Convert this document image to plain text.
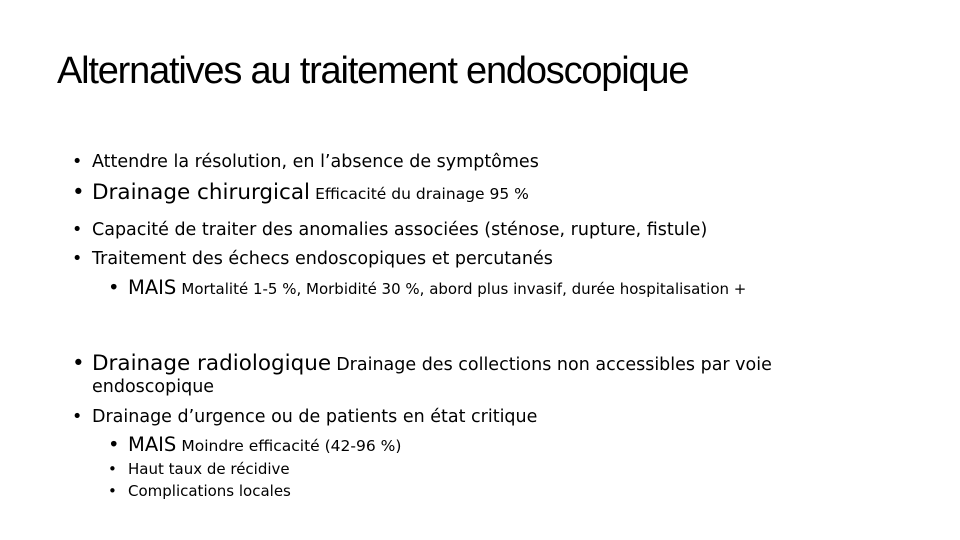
Alternatives au traitement endoscopique
• Attendre la résolution, en l’absence de symptômes
• Drainage chirurgical Efficacité du drainage 95 %
• Capacité de traiter des anomalies associées (sténose, rupture, fistule)
• Traitement des échecs endoscopiques et percutanés
• MAIS Mortalité 1-5 %, Morbidité 30 %, abord plus invasif, durée hospitalisation +
• Drainage radiologique Drainage des collections non accessibles par voie
endoscopique
• Drainage d’urgence ou de patients en état critique
• MAIS Moindre efficacité (42-96 %)
• Haut taux de récidive
• Complications locales
